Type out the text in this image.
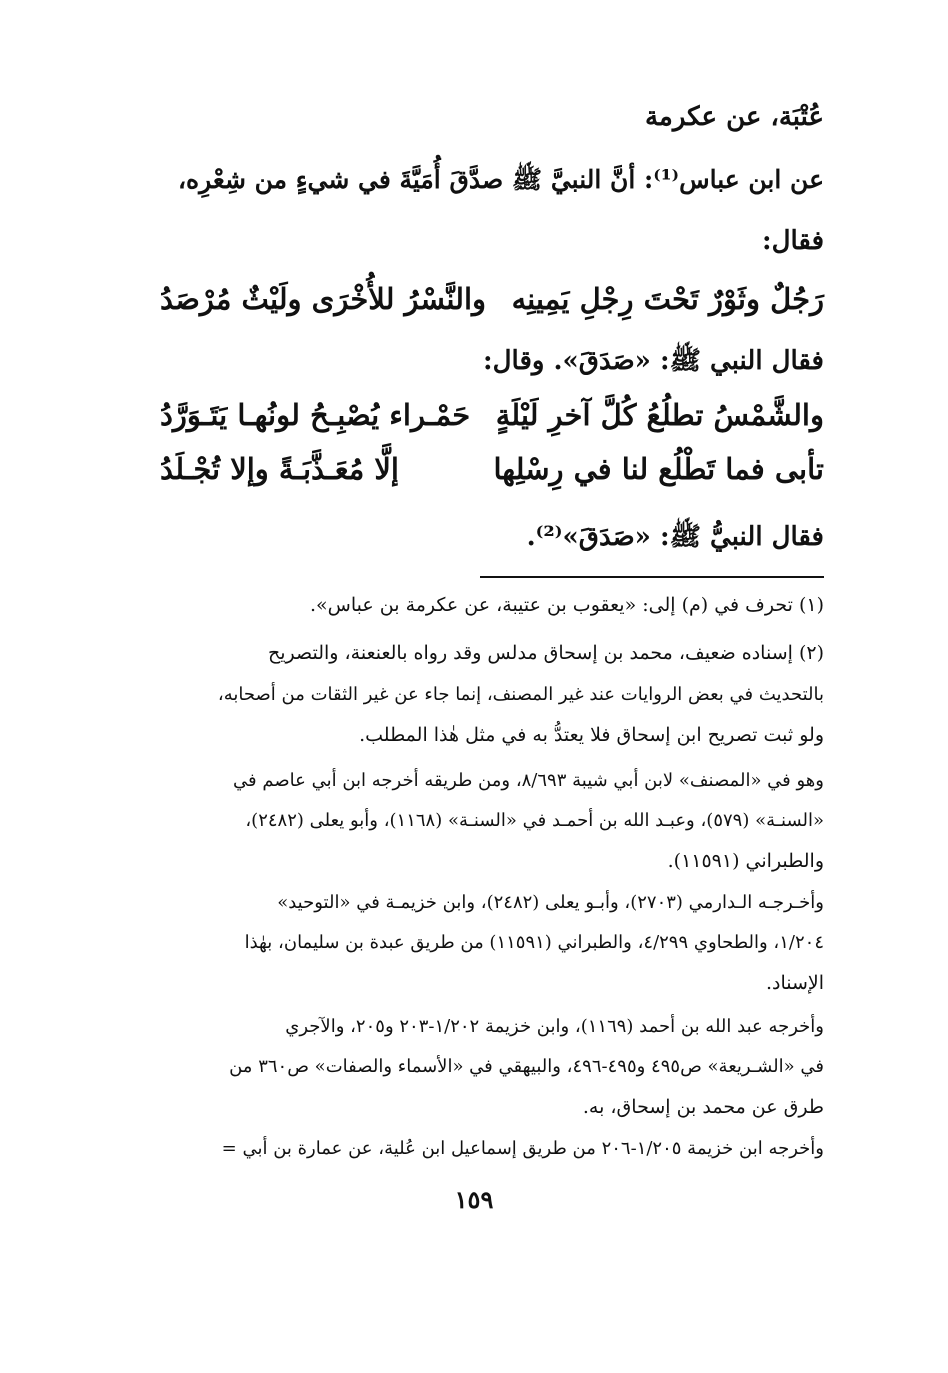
عُتْبَة، عن عكرمة
عن ابن عباس⁽¹⁾: أنَّ النبيَّ ﷺ صدَّقَ أُمَيَّةَ في شيءٍ من شِعْرِه،
فقال:
رَجُلٌ وثَوْرٌ تَحْتَ رِجْلِ يَمِينِه
والنَّسْرُ للأُخْرَى ولَيْثٌ مُرْصَدُ
فقال النبي ﷺ: «صَدَقَ». وقال:
والشَّمْسُ تطلُعُ كُلَّ آخرِ لَيْلَةٍ
حَمْـراء يُصْبِـحُ لونُهـا يَتَـوَرَّدُ
تأبى فما تَطْلُع لنا في رِسْلِها
إلَّا مُعَـذَّبَـةً وإلا تُجْـلَدُ
فقال النبيُّ ﷺ: «صَدَقَ»⁽²⁾.
(١) تحرف في (م) إلى: «يعقوب بن عتيبة، عن عكرمة بن عباس».
(٢) إسناده ضعيف، محمد بن إسحاق مدلس وقد رواه بالعنعنة، والتصريح
بالتحديث في بعض الروايات عند غير المصنف، إنما جاء عن غير الثقات من أصحابه،
ولو ثبت تصريح ابن إسحاق فلا يعتدُّ به في مثل هٰذا المطلب.
وهو في «المصنف» لابن أبي شيبة ٨/٦٩٣، ومن طريقه أخرجه ابن أبي عاصم في
«السنـة» (٥٧٩)، وعبـد الله بن أحمـد في «السنـة» (١١٦٨)، وأبو يعلى (٢٤٨٢)،
والطبراني (١١٥٩١).
وأخـرجـه الـدارمي (٢٧٠٣)، وأبـو يعلى (٢٤٨٢)، وابن خزيمـة في «التوحيد»
١/٢٠٤، والطحاوي ٤/٢٩٩، والطبراني (١١٥٩١) من طريق عبدة بن سليمان، بهٰذا
الإسناد.
وأخرجه عبد الله بن أحمد (١١٦٩)، وابن خزيمة ١/٢٠٢-٢٠٣ و٢٠٥، والآجري
في «الشـريعة» ص٤٩٥ و٤٩٥-٤٩٦، والبيهقي في «الأسماء والصفات» ص٣٦٠ من
طرق عن محمد بن إسحاق، به.
وأخرجه ابن خزيمة ١/٢٠٥-٢٠٦ من طريق إسماعيل ابن عُلية، عن عمارة بن أبي =
١٥٩
